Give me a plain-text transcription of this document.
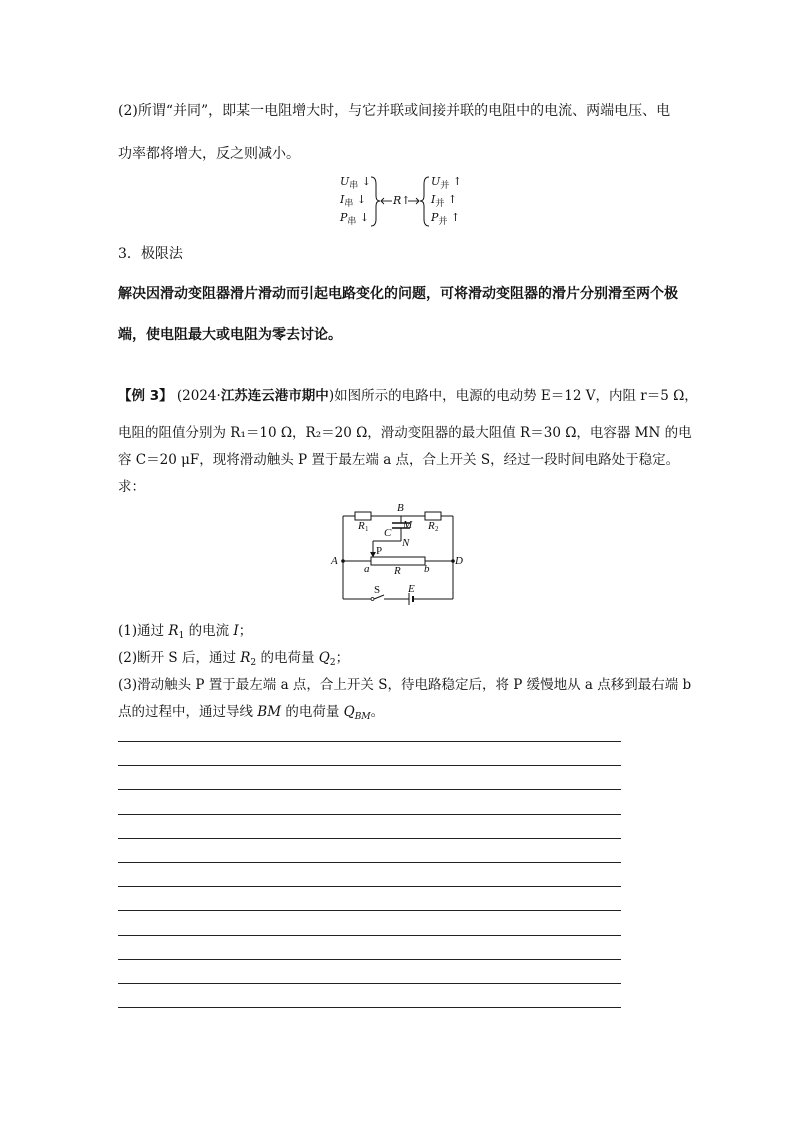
(2)所谓“并同”，即某一电阻增大时，与它并联或间接并联的电阻中的电流、两端电压、电
功率都将增大，反之则减小。
$U_串$ ↓
$I_串$ ↓
$P_串$ ↓
R↑
$U_并$ ↑
$I_并$ ↑
$P_并$ ↑
3．极限法
解决因滑动变阻器滑片滑动而引起电路变化的问题，可将滑动变阻器的滑片分别滑至两个极
端，使电阻最大或电阻为零去讨论。
【例 3】 (2024·江苏连云港市期中)如图所示的电路中，电源的电动势 E＝12 V，内阻 r＝5 Ω，
电阻的阻值分别为 R₁＝10 Ω，R₂＝20 Ω，滑动变阻器的最大阻值 R＝30 Ω，电容器 MN 的电
容 C＝20 μF，现将滑动触头 P 置于最左端 a 点，合上开关 S，经过一段时间电路处于稳定。
求：
B
R 1	R 2
M
C
N
P
A
a R b
D
S	E
(1)通过 $R_1$ 的电流 I；
(2)断开 S 后，通过 $R_2$ 的电荷量 $Q_2$；
(3)滑动触头 P 置于最左端 a 点，合上开关 S，待电路稳定后，将 P 缓慢地从 a 点移到最右端 b
点的过程中，通过导线 BM 的电荷量 $Q_{BM}$。
